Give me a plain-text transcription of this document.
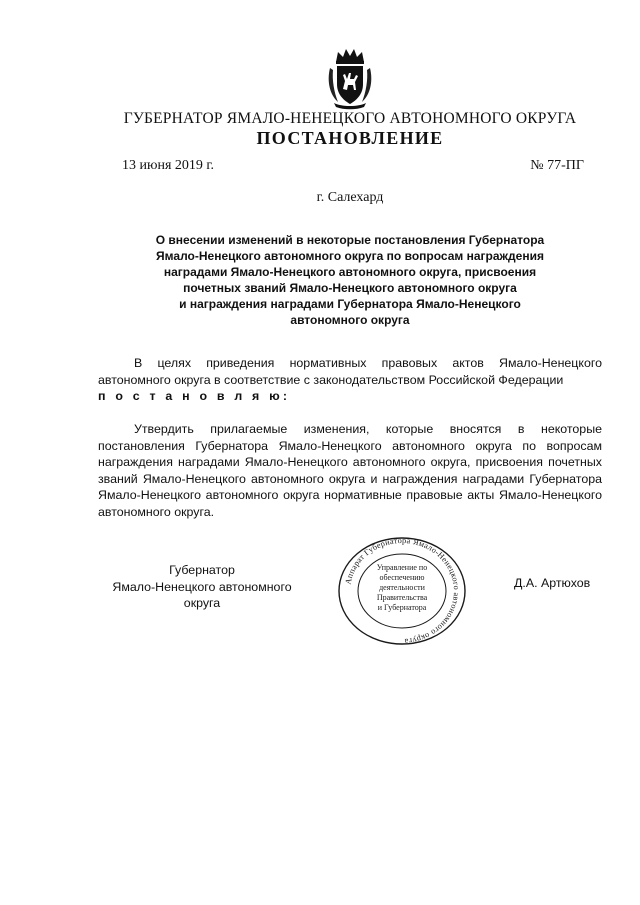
ГУБЕРНАТОР ЯМАЛО-НЕНЕЦКОГО АВТОНОМНОГО ОКРУГА
ПОСТАНОВЛЕНИЕ
13 июня 2019 г.	№ 77-ПГ
г. Салехард
О внесении изменений в некоторые постановления Губернатора
Ямало-Ненецкого автономного округа по вопросам награждения
наградами Ямало-Ненецкого автономного округа, присвоения
почетных званий Ямало-Ненецкого автономного округа
и награждения наградами Губернатора Ямало-Ненецкого
автономного округа
В целях приведения нормативных правовых актов Ямало-Ненецкого автономного округа в соответствие с законодательством Российской Федерации
п о с т а н о в л я ю:
Утвердить прилагаемые изменения, которые вносятся в некоторые постановления Губернатора Ямало-Ненецкого автономного округа по вопросам награждения наградами Ямало-Ненецкого автономного округа, присвоения почетных званий Ямало-Ненецкого автономного округа и награждения наградами Губернатора Ямало-Ненецкого автономного округа нормативные правовые акты Ямало-Ненецкого автономного округа.
Губернатор
Ямало-Ненецкого автономного округа
Аппарат Губернатора Ямало-Ненецкого автономного округа
Управление по
обеспечению
деятельности
Правительства
и Губернатора
Д.А. Артюхов
